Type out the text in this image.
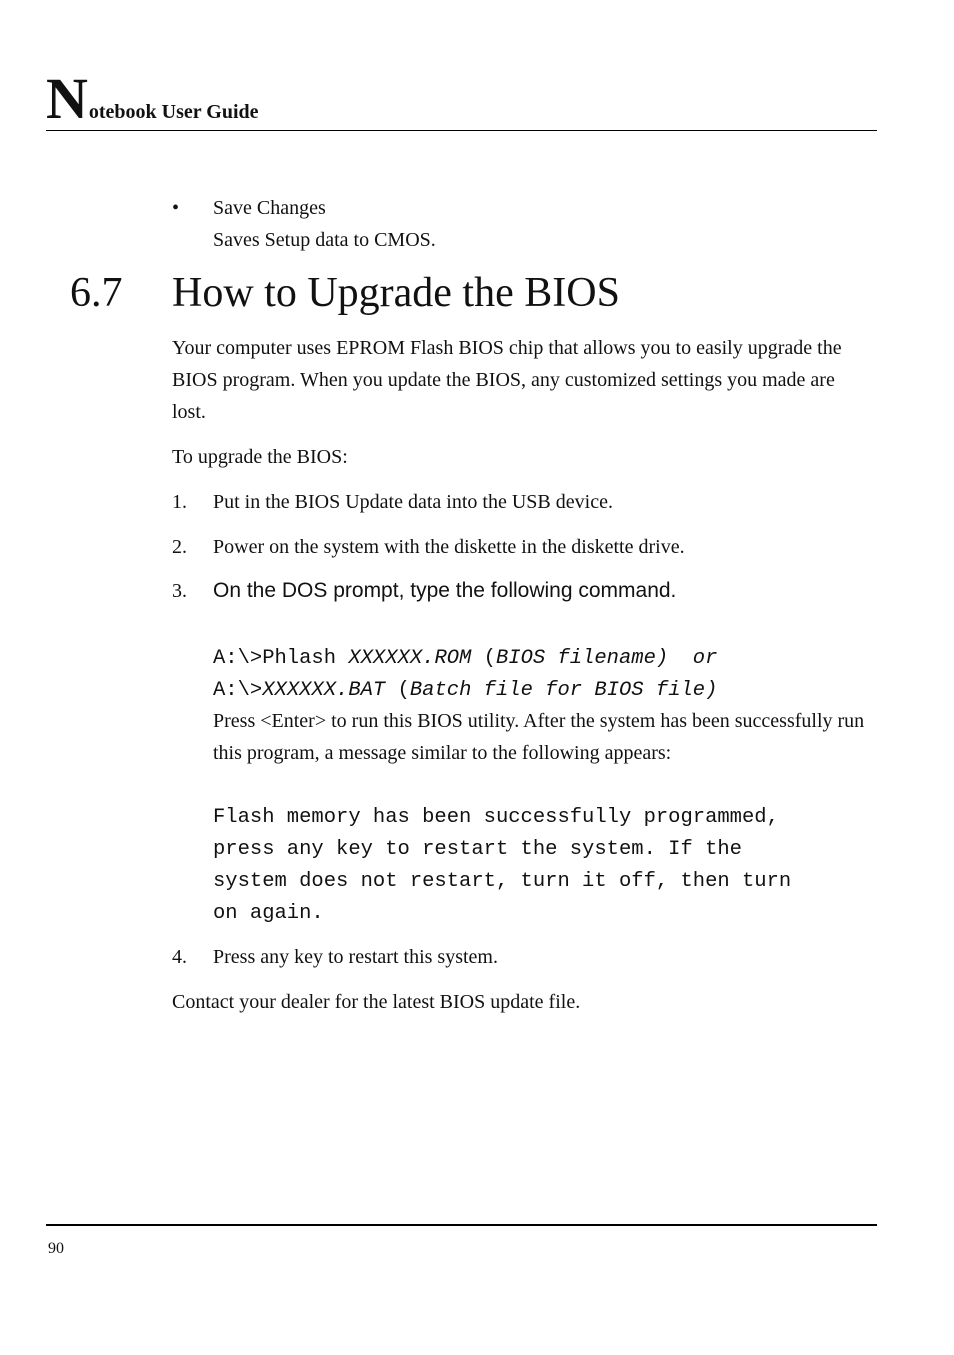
Notebook User Guide
• Save Changes
Saves Setup data to CMOS.
6.7 How to Upgrade the BIOS
Your computer uses EPROM Flash BIOS chip that allows you to easily upgrade the BIOS program. When you update the BIOS, any customized settings you made are lost.
To upgrade the BIOS:
1. Put in the BIOS Update data into the USB device.
2. Power on the system with the diskette in the diskette drive.
3. On the DOS prompt, type the following command.
A:\>Phlash XXXXXX.ROM (BIOS filename)  or
A:\>XXXXXX.BAT (Batch file for BIOS file)
Press <Enter> to run this BIOS utility. After the system has been successfully run this program, a message similar to the following appears:
Flash memory has been successfully programmed,
press any key to restart the system. If the
system does not restart, turn it off, then turn
on again.
4. Press any key to restart this system.
Contact your dealer for the latest BIOS update file.
90
